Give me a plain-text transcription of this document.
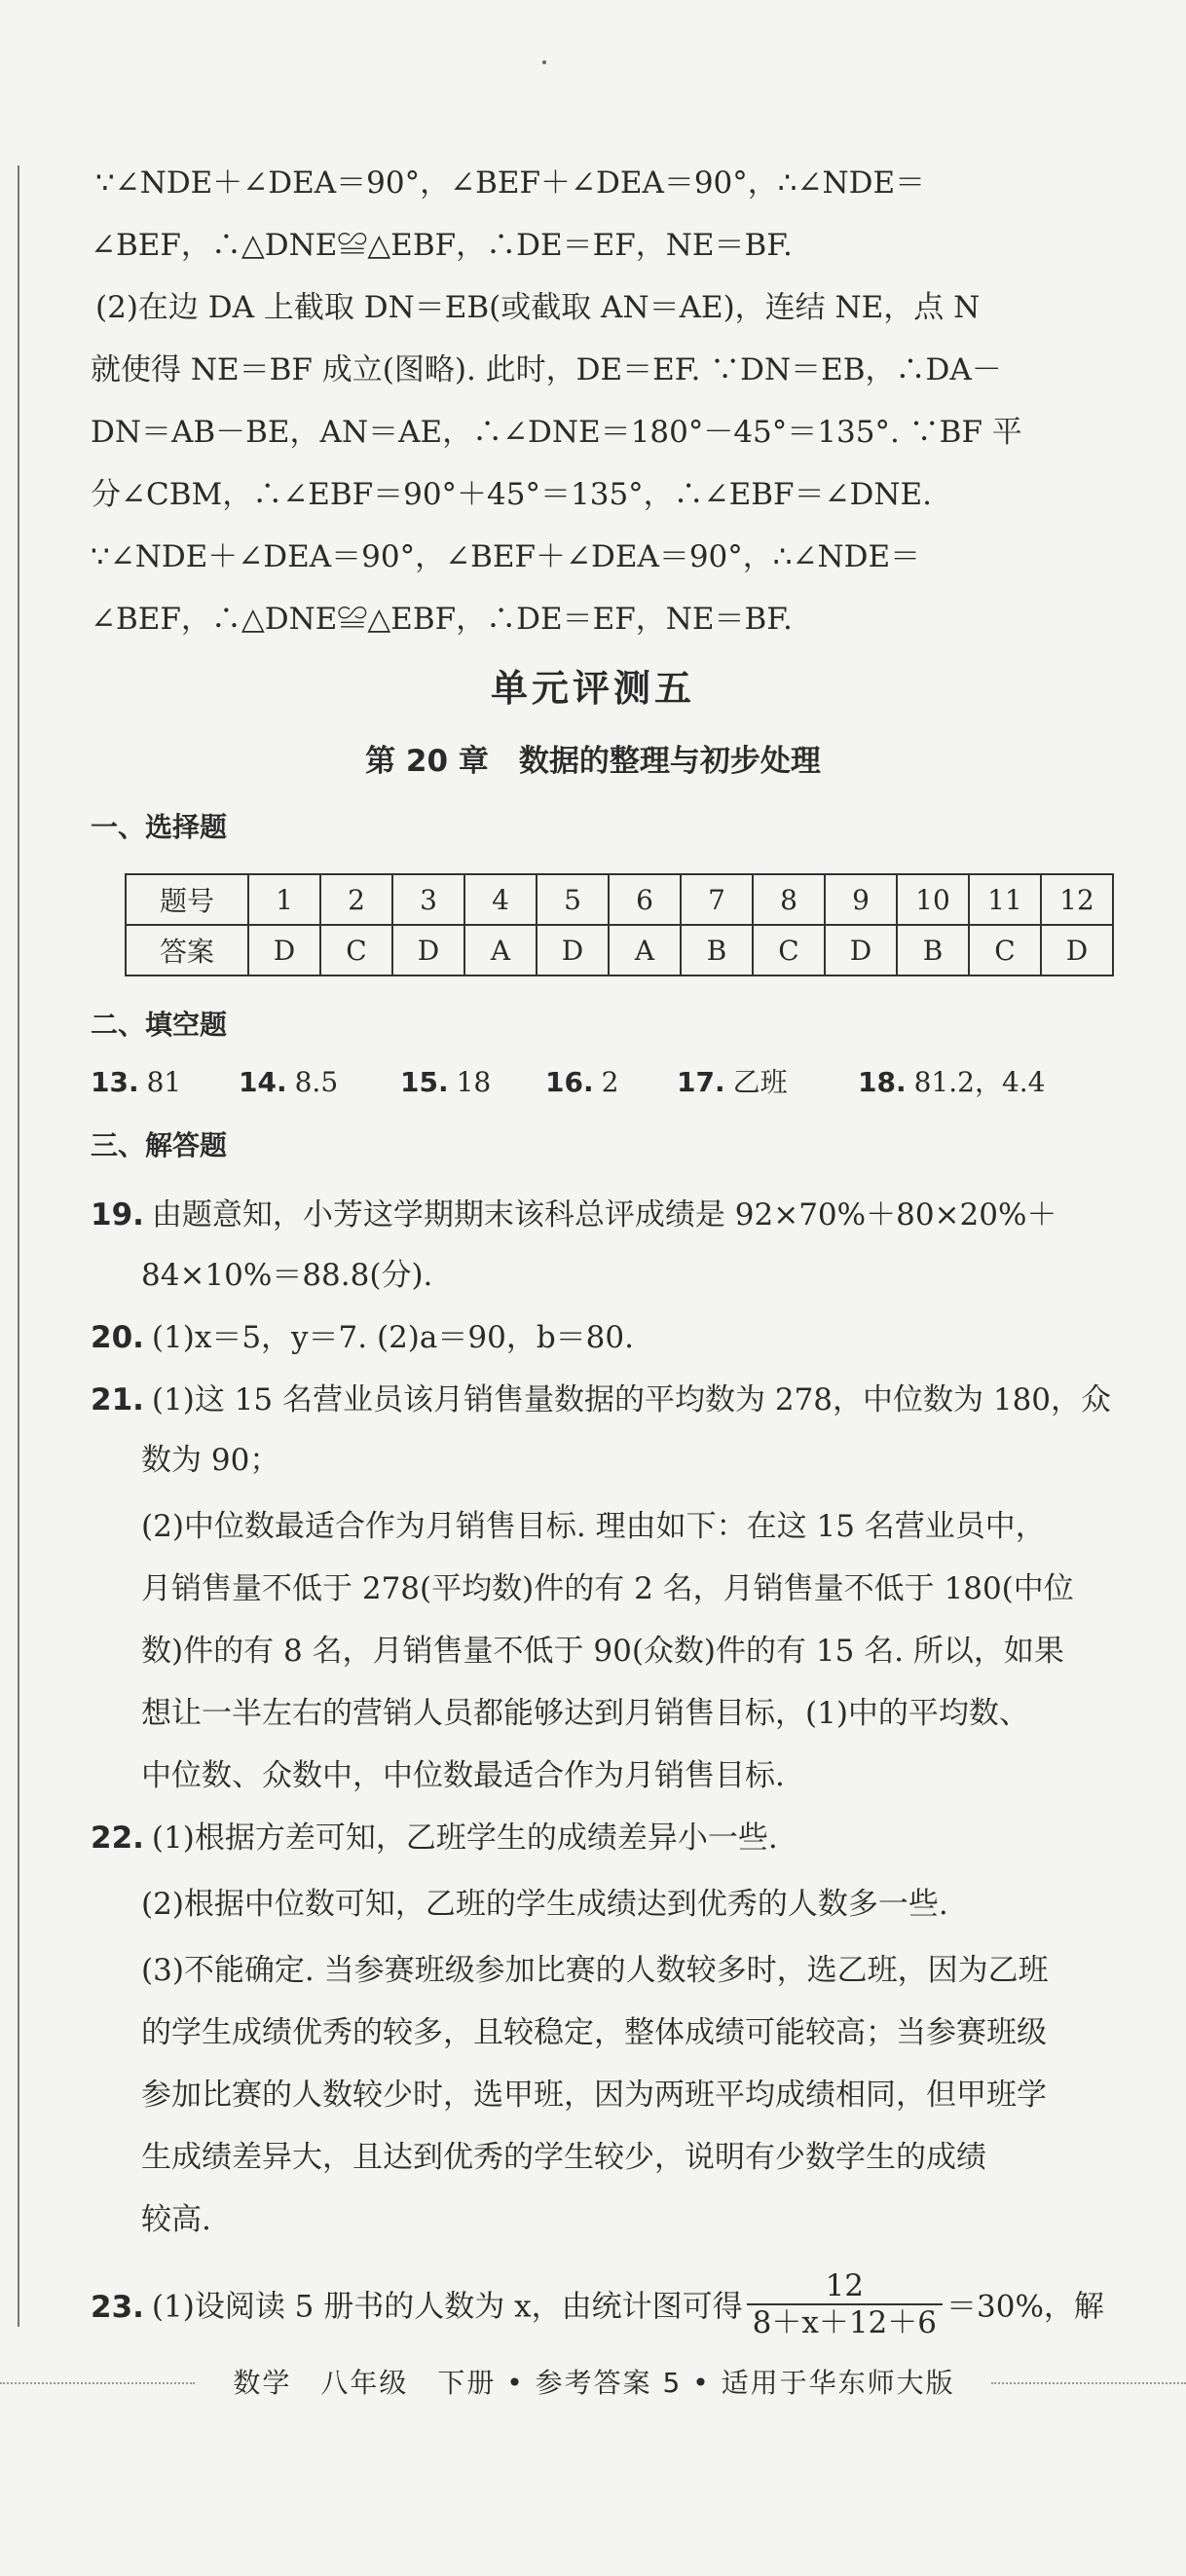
∵∠NDE＋∠DEA＝90°，∠BEF＋∠DEA＝90°，∴∠NDE＝
∠BEF，∴△DNE≌△EBF，∴DE＝EF，NE＝BF.
(2)在边 DA 上截取 DN＝EB(或截取 AN＝AE)，连结 NE，点 N
就使得 NE＝BF 成立(图略). 此时，DE＝EF. ∵DN＝EB，∴DA－
DN＝AB－BE，AN＝AE，∴∠DNE＝180°－45°＝135°. ∵BF 平
分∠CBM，∴∠EBF＝90°＋45°＝135°，∴∠EBF＝∠DNE.
∵∠NDE＋∠DEA＝90°，∠BEF＋∠DEA＝90°，∴∠NDE＝
∠BEF，∴△DNE≌△EBF，∴DE＝EF，NE＝BF.
单元评测五
第 20 章　数据的整理与初步处理
一、选择题
题号	1	2	3	4	5	6	7	8	9	10	11	12
答案	D	C	D	A	D	A	B	C	D	B	C	D
二、填空题
13. 81 14. 8.5 15. 18 16. 2 17. 乙班	18. 81.2，4.4
三、解答题
19. 由题意知，小芳这学期期末该科总评成绩是 92×70%＋80×20%＋
84×10%＝88.8(分).
20. (1)x＝5，y＝7. (2)a＝90，b＝80.
21. (1)这 15 名营业员该月销售量数据的平均数为 278，中位数为 180，众
数为 90；
(2)中位数最适合作为月销售目标. 理由如下：在这 15 名营业员中，
月销售量不低于 278(平均数)件的有 2 名，月销售量不低于 180(中位
数)件的有 8 名，月销售量不低于 90(众数)件的有 15 名. 所以，如果
想让一半左右的营销人员都能够达到月销售目标，(1)中的平均数、
中位数、众数中，中位数最适合作为月销售目标.
22. (1)根据方差可知，乙班学生的成绩差异小一些.
(2)根据中位数可知，乙班的学生成绩达到优秀的人数多一些.
(3)不能确定. 当参赛班级参加比赛的人数较多时，选乙班，因为乙班
的学生成绩优秀的较多，且较稳定，整体成绩可能较高；当参赛班级
参加比赛的人数较少时，选甲班，因为两班平均成绩相同，但甲班学
生成绩差异大，且达到优秀的学生较少，说明有少数学生的成绩
较高.
23. (1)设阅读 5 册书的人数为 x，由统计图可得 $\frac{12}{8+x+12+6} =30\%$，解
数学　八年级　下册 • 参考答案 5 • 适用于华东师大版
